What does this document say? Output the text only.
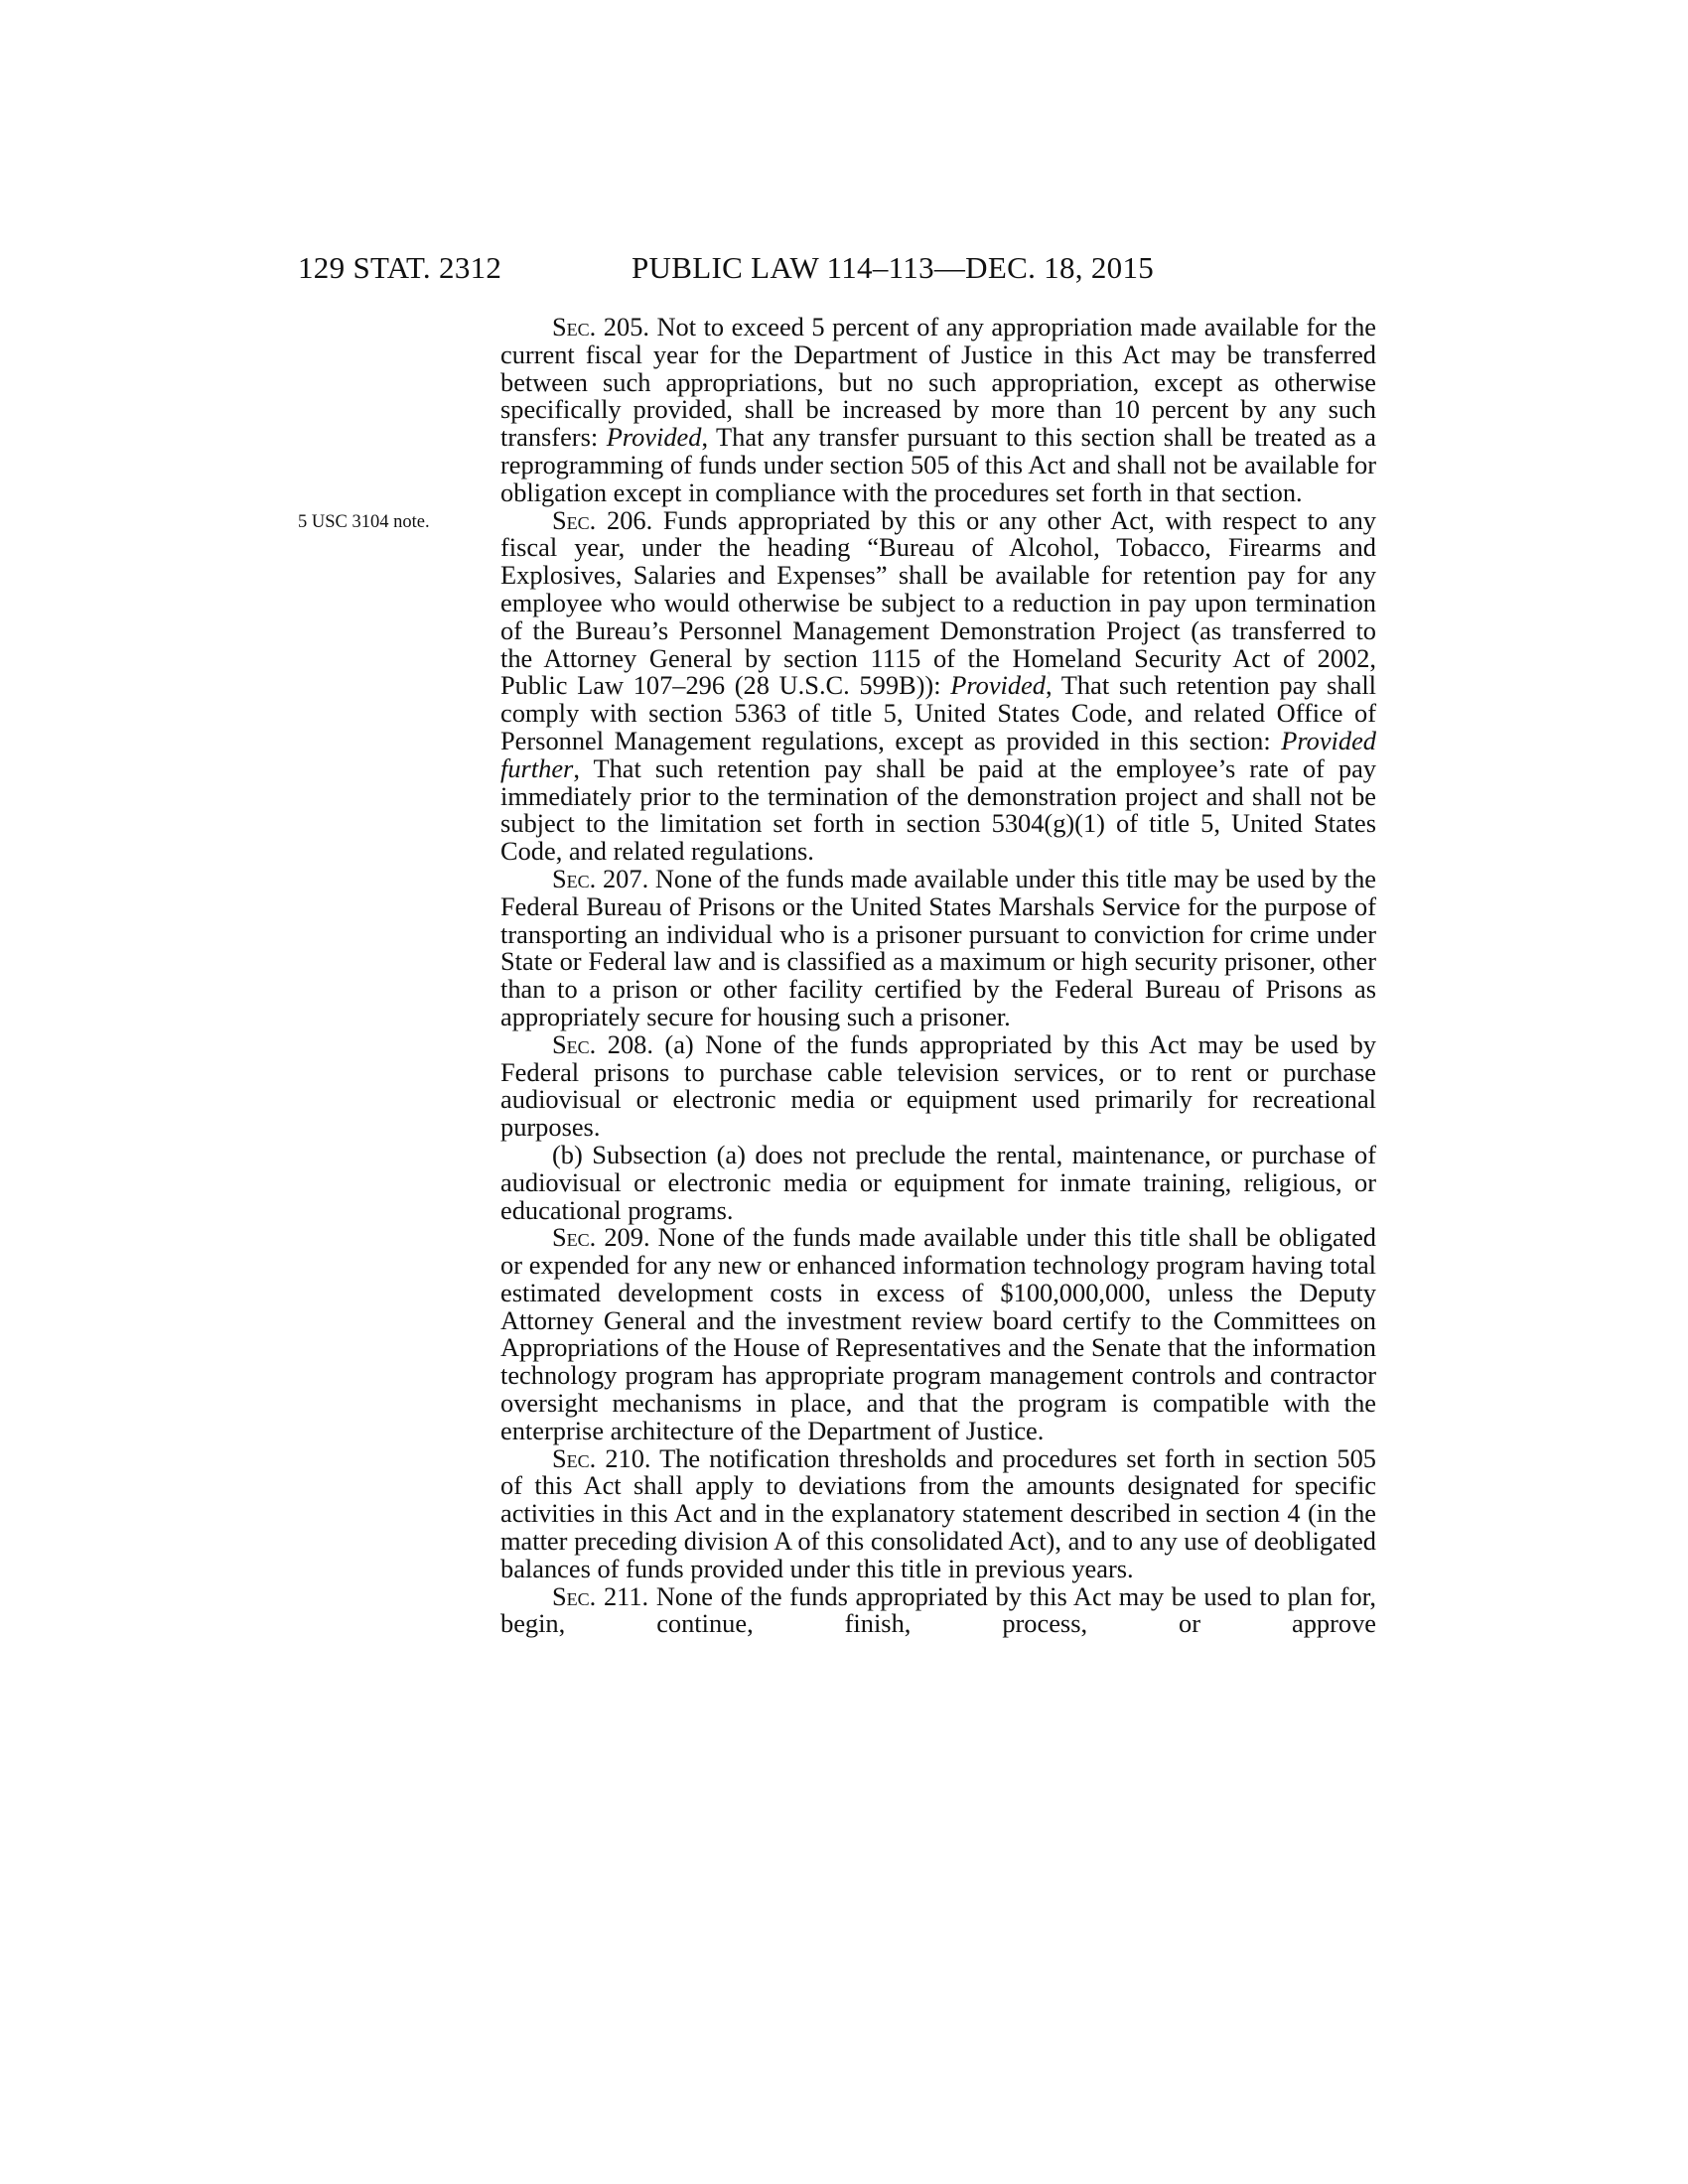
129 STAT. 2312	PUBLIC LAW 114–113—DEC. 18, 2015
5 USC 3104 note.

Sec. 205. Not to exceed 5 percent of any appropriation made available for the current fiscal year for the Department of Justice in this Act may be transferred between such appropriations, but no such appropriation, except as otherwise specifically provided, shall be increased by more than 10 percent by any such transfers: Provided, That any transfer pursuant to this section shall be treated as a reprogramming of funds under section 505 of this Act and shall not be available for obligation except in compliance with the procedures set forth in that section.

Sec. 206. Funds appropriated by this or any other Act, with respect to any fiscal year, under the heading “Bureau of Alcohol, Tobacco, Firearms and Explosives, Salaries and Expenses” shall be available for retention pay for any employee who would otherwise be subject to a reduction in pay upon termination of the Bureau’s Personnel Management Demonstration Project (as transferred to the Attorney General by section 1115 of the Homeland Security Act of 2002, Public Law 107–296 (28 U.S.C. 599B)): Provided, That such retention pay shall comply with section 5363 of title 5, United States Code, and related Office of Personnel Management regulations, except as provided in this section: Provided further, That such retention pay shall be paid at the employee’s rate of pay immediately prior to the termination of the demonstration project and shall not be subject to the limitation set forth in section 5304(g)(1) of title 5, United States Code, and related regulations.

Sec. 207. None of the funds made available under this title may be used by the Federal Bureau of Prisons or the United States Marshals Service for the purpose of transporting an individual who is a prisoner pursuant to conviction for crime under State or Federal law and is classified as a maximum or high security prisoner, other than to a prison or other facility certified by the Federal Bureau of Prisons as appropriately secure for housing such a prisoner.

Sec. 208. (a) None of the funds appropriated by this Act may be used by Federal prisons to purchase cable television services, or to rent or purchase audiovisual or electronic media or equipment used primarily for recreational purposes.

(b) Subsection (a) does not preclude the rental, maintenance, or purchase of audiovisual or electronic media or equipment for inmate training, religious, or educational programs.

Sec. 209. None of the funds made available under this title shall be obligated or expended for any new or enhanced information technology program having total estimated development costs in excess of $100,000,000, unless the Deputy Attorney General and the investment review board certify to the Committees on Appropriations of the House of Representatives and the Senate that the information technology program has appropriate program management controls and contractor oversight mechanisms in place, and that the program is compatible with the enterprise architecture of the Department of Justice.

Sec. 210. The notification thresholds and procedures set forth in section 505 of this Act shall apply to deviations from the amounts designated for specific activities in this Act and in the explanatory statement described in section 4 (in the matter preceding division A of this consolidated Act), and to any use of deobligated balances of funds provided under this title in previous years.

Sec. 211. None of the funds appropriated by this Act may be used to plan for, begin, continue, finish, process, or approve
